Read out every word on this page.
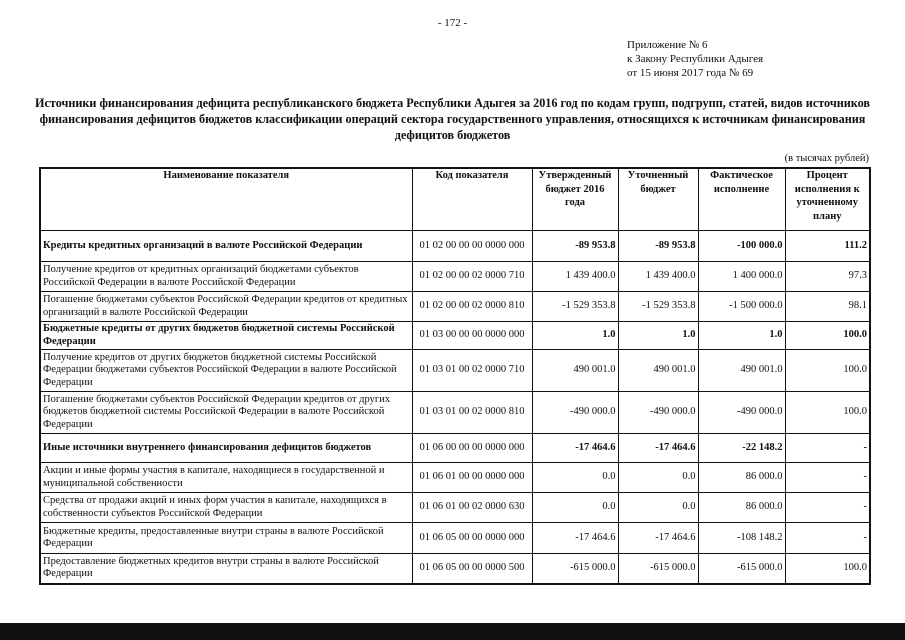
- 172 -
Приложение № 6
к Закону Республики Адыгея
от 15 июня 2017 года № 69
Источники финансирования дефицита республиканского бюджета Республики Адыгея за 2016 год по кодам групп, подгрупп, статей, видов источников финансирования дефицитов бюджетов классификации операций сектора государственного управления, относящихся к источникам финансирования дефицитов бюджетов
(в тысячах рублей)
Наименование показателя	Код показателя	Утвержденный бюджет 2016 года	Уточненный бюджет	Фактическое исполнение	Процент исполнения к уточненному плану
Кредиты кредитных организаций в валюте Российской Федерации	01 02 00 00 00 0000 000	-89 953.8	-89 953.8	-100 000.0	111.2
Получение кредитов от кредитных организаций бюджетами субъектов Российской Федерации в валюте Российской Федерации	01 02 00 00 02 0000 710	1 439 400.0	1 439 400.0	1 400 000.0	97.3
Погашение бюджетами субъектов Российской Федерации кредитов от кредитных организаций в валюте Российской Федерации	01 02 00 00 02 0000 810	-1 529 353.8	-1 529 353.8	-1 500 000.0	98.1
Бюджетные кредиты от других бюджетов бюджетной системы Российской Федерации	01 03 00 00 00 0000 000	1.0	1.0	1.0	100.0
Получение кредитов от других бюджетов бюджетной системы Российской Федерации бюджетами субъектов Российской Федерации в валюте Российской Федерации	01 03 01 00 02 0000 710	490 001.0	490 001.0	490 001.0	100.0
Погашение бюджетами субъектов Российской Федерации кредитов от других бюджетов бюджетной системы Российской Федерации в валюте Российской Федерации	01 03 01 00 02 0000 810	-490 000.0	-490 000.0	-490 000.0	100.0
Иные источники внутреннего финансирования дефицитов бюджетов	01 06 00 00 00 0000 000	-17 464.6	-17 464.6	-22 148.2	-
Акции и иные формы участия в капитале, находящиеся в государственной и муниципальной собственности	01 06 01 00 00 0000 000	0.0	0.0	86 000.0	-
Средства от продажи акций и иных форм участия в капитале, находящихся в собственности субъектов Российской Федерации	01 06 01 00 02 0000 630	0.0	0.0	86 000.0	-
Бюджетные кредиты, предоставленные внутри страны в валюте Российской Федерации	01 06 05 00 00 0000 000	-17 464.6	-17 464.6	-108 148.2	-
Предоставление бюджетных кредитов внутри страны в валюте Российской Федерации	01 06 05 00 00 0000 500	-615 000.0	-615 000.0	-615 000.0	100.0
